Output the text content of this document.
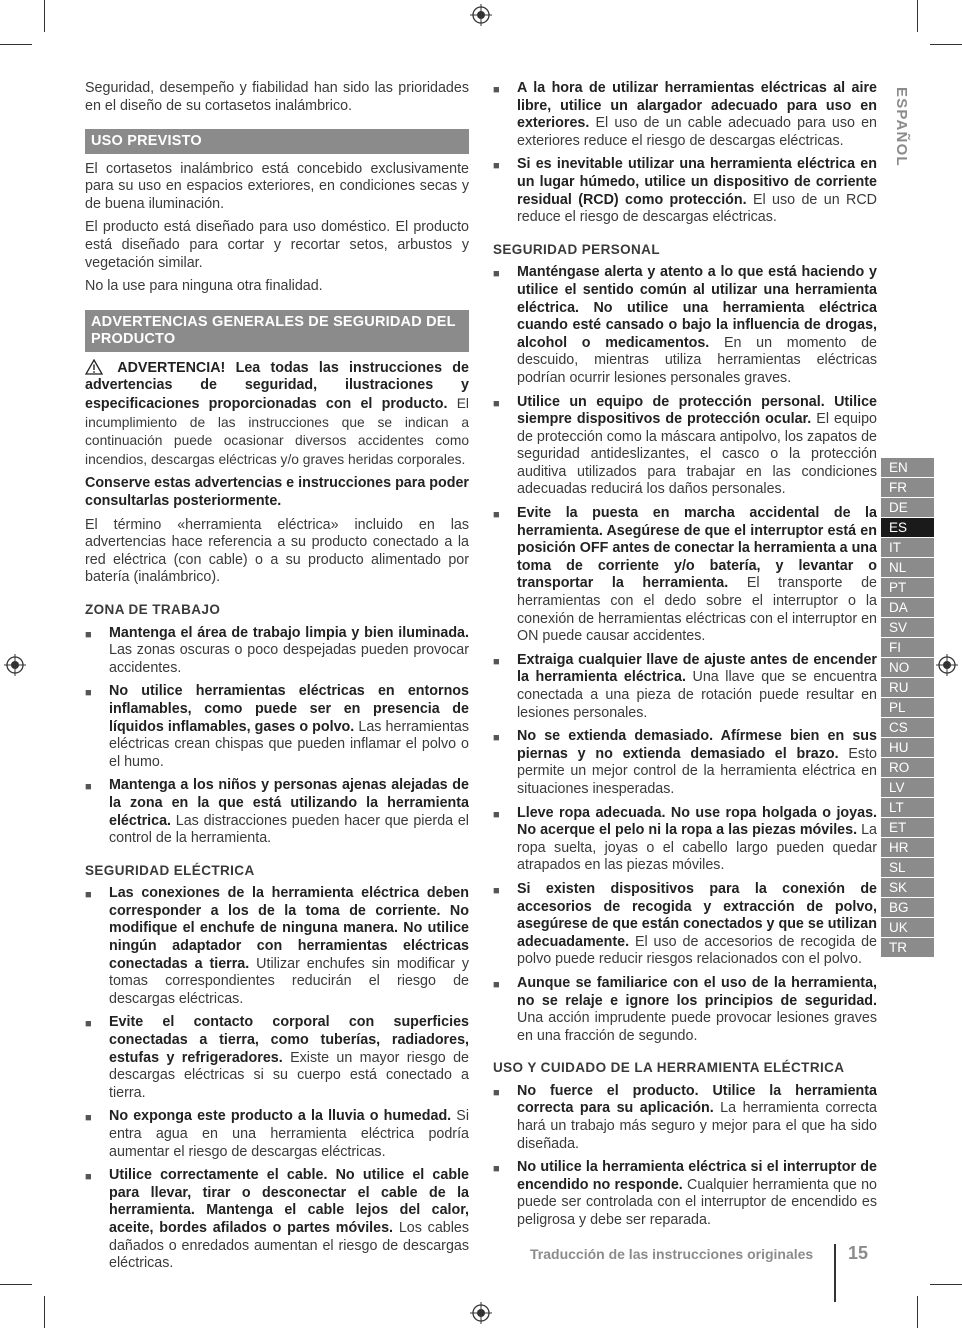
Seguridad, desempeño y fiabilidad han sido las prioridades en el diseño de su cortasetos inalámbrico.

USO PREVISTO

El cortasetos inalámbrico está concebido exclusivamente para su uso en espacios exteriores, en condiciones secas y de buena iluminación.

El producto está diseñado para uso doméstico. El producto está diseñado para cortar y recortar setos, arbustos y vegetación similar.

No la use para ninguna otra finalidad.

ADVERTENCIAS GENERALES DE SEGURIDAD DEL PRODUCTO

ADVERTENCIA! Lea todas las instrucciones de advertencias de seguridad, ilustraciones y especificaciones proporcionadas con el producto. El incumplimiento de las instrucciones que se indican a continuación puede ocasionar diversos accidentes como incendios, descargas eléctricas y/o graves heridas corporales.

Conserve estas advertencias e instrucciones para poder consultarlas posteriormente.

El término «herramienta eléctrica» incluido en las advertencias hace referencia a su producto conectado a la red eléctrica (con cable) o a su producto alimentado por batería (inalámbrico).

ZONA DE TRABAJO
■ Mantenga el área de trabajo limpia y bien iluminada. Las zonas oscuras o poco despejadas pueden provocar accidentes.
■ No utilice herramientas eléctricas en entornos inflamables, como puede ser en presencia de líquidos inflamables, gases o polvo. Las herramientas eléctricas crean chispas que pueden inflamar el polvo o el humo.
■ Mantenga a los niños y personas ajenas alejadas de la zona en la que está utilizando la herramienta eléctrica. Las distracciones pueden hacer que pierda el control de la herramienta.
SEGURIDAD ELÉCTRICA
■ Las conexiones de la herramienta eléctrica deben corresponder a los de la toma de corriente. No modifique el enchufe de ninguna manera. No utilice ningún adaptador con herramientas eléctricas conectadas a tierra. Utilizar enchufes sin modificar y tomas correspondientes reducirán el riesgo de descargas eléctricas.
■ Evite el contacto corporal con superficies conectadas a tierra, como tuberías, radiadores, estufas y refrigeradores. Existe un mayor riesgo de descargas eléctricas si su cuerpo está conectado a tierra.
■ No exponga este producto a la lluvia o humedad. Si entra agua en una herramienta eléctrica podría aumentar el riesgo de descargas eléctricas.
■ Utilice correctamente el cable. No utilice el cable para llevar, tirar o desconectar el cable de la herramienta. Mantenga el cable lejos del calor, aceite, bordes afilados o partes móviles. Los cables dañados o enredados aumentan el riesgo de descargas eléctricas.
■ A la hora de utilizar herramientas eléctricas al aire libre, utilice un alargador adecuado para uso en exteriores. El uso de un cable adecuado para uso en exteriores reduce el riesgo de descargas eléctricas.
■ Si es inevitable utilizar una herramienta eléctrica en un lugar húmedo, utilice un dispositivo de corriente residual (RCD) como protección. El uso de un RCD reduce el riesgo de descargas eléctricas.
SEGURIDAD PERSONAL
■ Manténgase alerta y atento a lo que está haciendo y utilice el sentido común al utilizar una herramienta eléctrica. No utilice una herramienta eléctrica cuando esté cansado o bajo la influencia de drogas, alcohol o medicamentos. En un momento de descuido, mientras utiliza herramientas eléctricas podrían ocurrir lesiones personales graves.
■ Utilice un equipo de protección personal. Utilice siempre dispositivos de protección ocular. El equipo de protección como la máscara antipolvo, los zapatos de seguridad antideslizantes, el casco o la protección auditiva utilizados para trabajar en las condiciones adecuadas reducirá los daños personales.
■ Evite la puesta en marcha accidental de la herramienta. Asegúrese de que el interruptor está en posición OFF antes de conectar la herramienta a una toma de corriente y/o batería, y levantar o transportar la herramienta. El transporte de herramientas con el dedo sobre el interruptor o la conexión de herramientas eléctricas con el interruptor en ON puede causar accidentes.
■ Extraiga cualquier llave de ajuste antes de encender la herramienta eléctrica. Una llave que se encuentra conectada a una pieza de rotación puede resultar en lesiones personales.
■ No se extienda demasiado. Afírmese bien en sus piernas y no extienda demasiado el brazo. Esto permite un mejor control de la herramienta eléctrica en situaciones inesperadas.
■ Lleve ropa adecuada. No use ropa holgada o joyas. No acerque el pelo ni la ropa a las piezas móviles. La ropa suelta, joyas o el cabello largo pueden quedar atrapados en las piezas móviles.
■ Si existen dispositivos para la conexión de accesorios de recogida y extracción de polvo, asegúrese de que están conectados y que se utilizan adecuadamente. El uso de accesorios de recogida de polvo puede reducir riesgos relacionados con el polvo.
■ Aunque se familiarice con el uso de la herramienta, no se relaje e ignore los principios de seguridad. Una acción imprudente puede provocar lesiones graves en una fracción de segundo.
USO Y CUIDADO DE LA HERRAMIENTA ELÉCTRICA
■ No fuerce el producto. Utilice la herramienta correcta para su aplicación. La herramienta correcta hará un trabajo más seguro y mejor para el que ha sido diseñada.
■ No utilice la herramienta eléctrica si el interruptor de encendido no responde. Cualquier herramienta que no puede ser controlada con el interruptor de encendido es peligrosa y debe ser reparada.
ESPAÑOL
EN
FR
DE
ES
IT
NL
PT
DA
SV
FI
NO
RU
PL
CS
HU
RO
LV
LT
ET
HR
SL
SK
BG
UK
TR
Traducción de las instrucciones originales 15
